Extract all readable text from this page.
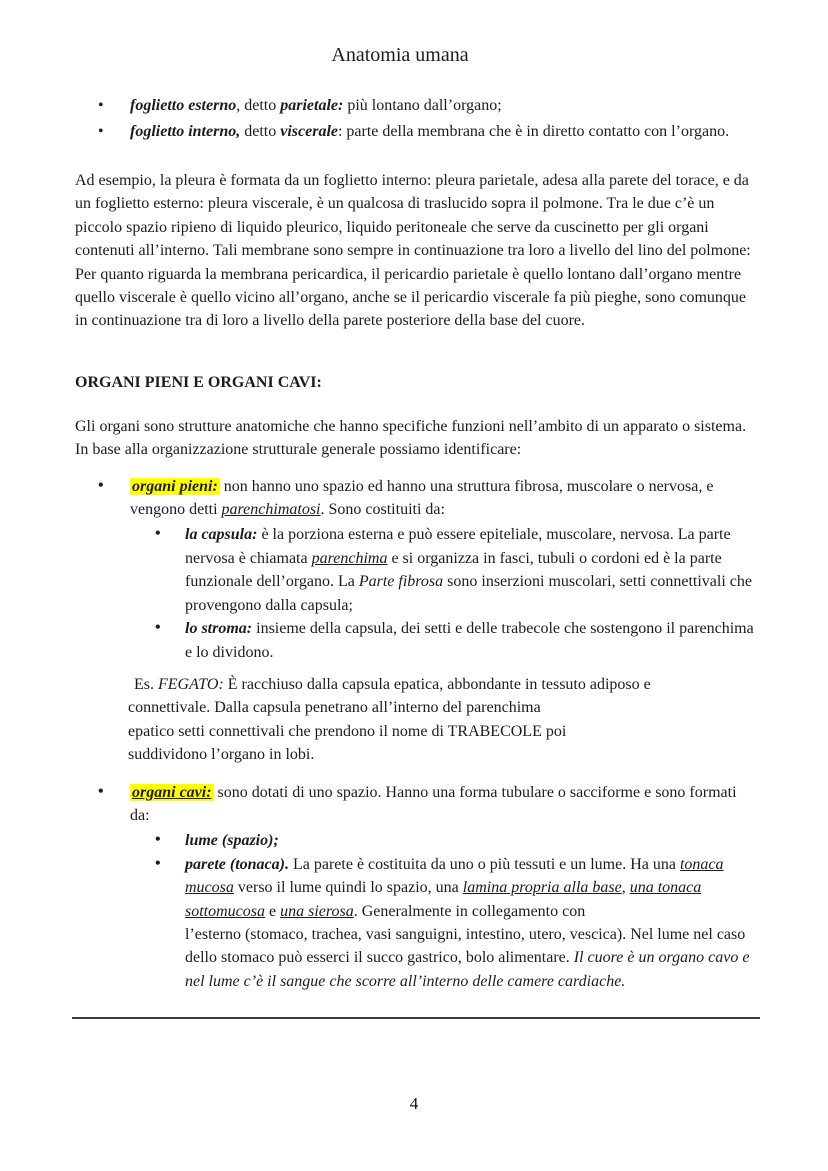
Anatomia umana
• foglietto esterno, detto parietale: più lontano dall’organo;
• foglietto interno, detto viscerale: parte della membrana che è in diretto contatto con l’organo.

Ad esempio, la pleura è formata da un foglietto interno: pleura parietale, adesa alla parete del torace, e da un foglietto esterno: pleura viscerale, è un qualcosa di traslucido sopra il polmone. Tra le due c’è un piccolo spazio ripieno di liquido pleurico, liquido peritoneale che serve da cuscinetto per gli organi contenuti all’interno. Tali membrane sono sempre in continuazione tra loro a livello del lino del polmone: Per quanto riguarda la membrana pericardica, il pericardio parietale è quello lontano dall’organo mentre quello viscerale è quello vicino all’organo, anche se il pericardio viscerale fa più pieghe, sono comunque in continuazione tra di loro a livello della parete posteriore della base del cuore.

ORGANI PIENI E ORGANI CAVI:

Gli organi sono strutture anatomiche che hanno specifiche funzioni nell’ambito di un apparato o sistema. In base alla organizzazione strutturale generale possiamo identificare:

• organi pieni: non hanno uno spazio ed hanno una struttura fibrosa, muscolare o nervosa, e vengono detti parenchimatosi. Sono costituiti da:
• la capsula: è la porziona esterna e può essere epiteliale, muscolare, nervosa. La parte nervosa è chiamata parenchima e si organizza in fasci, tubuli o cordoni ed è la parte funzionale dell’organo. La Parte fibrosa sono inserzioni muscolari, setti connettivali che provengono dalla capsula;
• lo stroma: insieme della capsula, dei setti e delle trabecole che sostengono il parenchima e lo dividono.
Es. FEGATO: È racchiuso dalla capsula epatica, abbondante in tessuto adiposo e
connettivale. Dalla capsula penetrano all’interno del parenchima
epatico setti connettivali che prendono il nome di TRABECOLE poi
suddividono l’organo in lobi.
• organi cavi: sono dotati di uno spazio. Hanno una forma tubulare o sacciforme e sono formati da:
• lume (spazio);
• parete (tonaca). La parete è costituita da uno o più tessuti e un lume. Ha una tonaca mucosa verso il lume quindi lo spazio, una lamina propria alla base, una tonaca sottomucosa e una sierosa. Generalmente in collegamento con
l’esterno (stomaco, trachea, vasi sanguigni, intestino, utero, vescica). Nel lume nel caso dello stomaco può esserci il succo gastrico, bolo alimentare. Il cuore è un organo cavo e nel lume c’è il sangue che scorre all’interno delle camere cardiache.
4
